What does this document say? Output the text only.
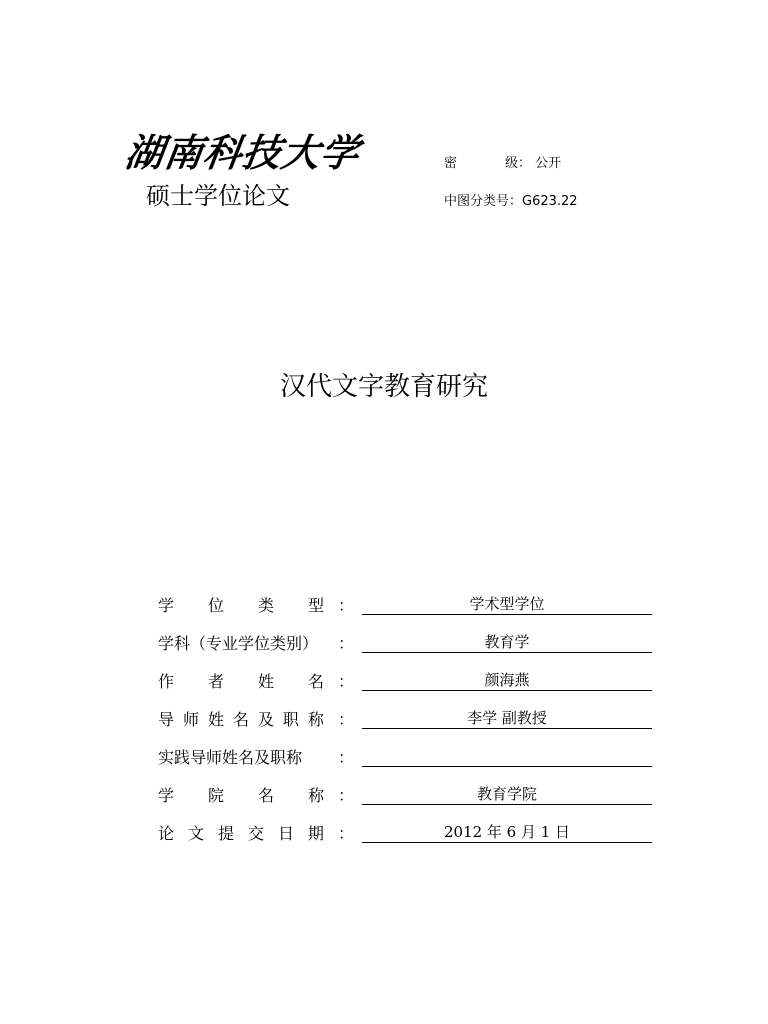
湖南科技大学
硕士学位论文
密	级： 公开
中图分类号：G623.22
汉代文字教育研究
学 位 类 型 ：	学术型学位
学科（专业学位类别）	：	教育学
作 者 姓 名 ：	颜海燕
导 师 姓 名 及 职 称 ：	李学 副教授
实践导师姓名及职称	：
学 院 名 称 ：	教育学院
论 文 提 交 日 期 ：	2012 年 6 月 1 日
